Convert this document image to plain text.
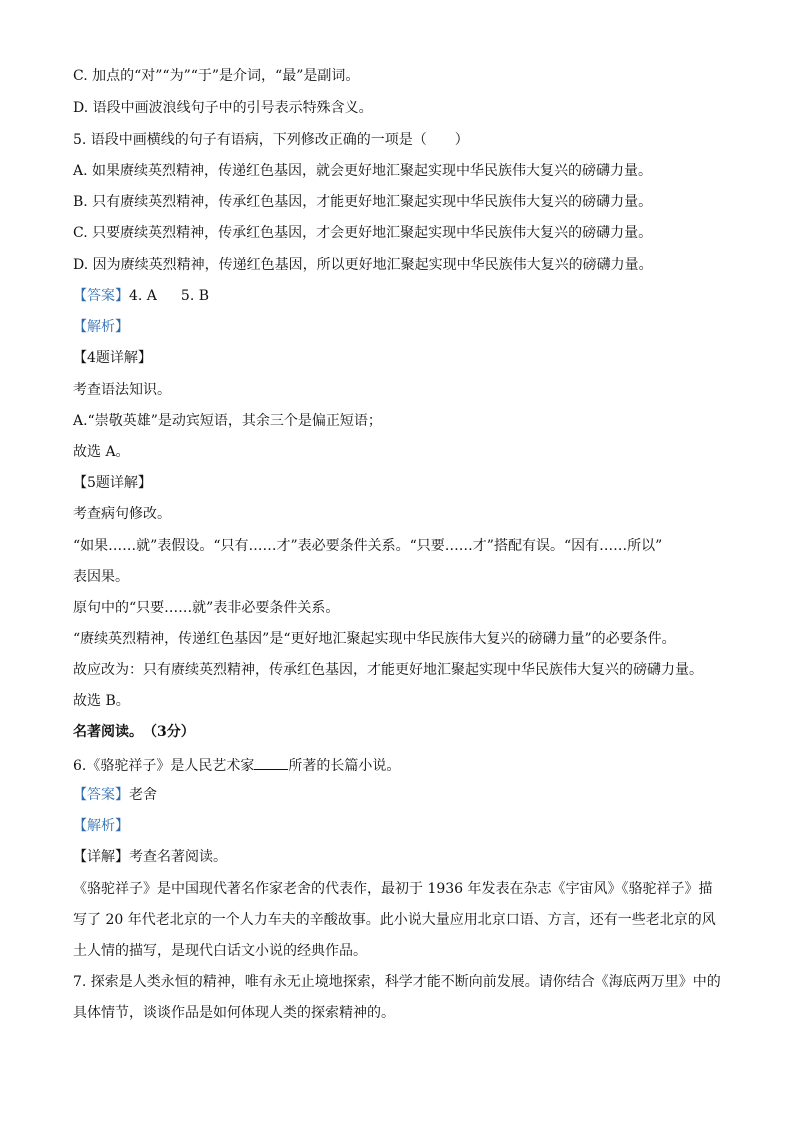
C. 加点的“对”“为”“于”是介词，“最”是副词。
D. 语段中画波浪线句子中的引号表示特殊含义。
5. 语段中画横线的句子有语病，下列修改正确的一项是（　　）
A. 如果赓续英烈精神，传递红色基因，就会更好地汇聚起实现中华民族伟大复兴的磅礴力量。
B. 只有赓续英烈精神，传承红色基因，才能更好地汇聚起实现中华民族伟大复兴的磅礴力量。
C. 只要赓续英烈精神，传承红色基因，才会更好地汇聚起实现中华民族伟大复兴的磅礴力量。
D. 因为赓续英烈精神，传递红色基因，所以更好地汇聚起实现中华民族伟大复兴的磅礴力量。
【答案】4. A 5. B
【解析】
【4题详解】
考查语法知识。
A.“崇敬英雄”是动宾短语，其余三个是偏正短语；
故选 A。
【5题详解】
考查病句修改。
“如果……就”表假设。“只有……才”表必要条件关系。“只要……才”搭配有误。“因有……所以”
表因果。
原句中的“只要……就”表非必要条件关系。
“赓续英烈精神，传递红色基因”是“更好地汇聚起实现中华民族伟大复兴的磅礴力量”的必要条件。
故应改为：只有赓续英烈精神，传承红色基因，才能更好地汇聚起实现中华民族伟大复兴的磅礴力量。
故选 B。
名著阅读。　（3分）
6.《骆驼祥子》是人民艺术家 所著的长篇小说。
【答案】老舍
【解析】
【详解】考查名著阅读。
《骆驼祥子》是中国现代著名作家老舍的代表作，最初于 1936 年发表在杂志《宇宙风》《骆驼祥子》描
写了 20 年代老北京的一个人力车夫的辛酸故事。此小说大量应用北京口语、方言，还有一些老北京的风
土人情的描写，是现代白话文小说的经典作品。
7. 探索是人类永恒的精神，唯有永无止境地探索，科学才能不断向前发展。请你结合《海底两万里》中的
具体情节，谈谈作品是如何体现人类的探索精神的。
